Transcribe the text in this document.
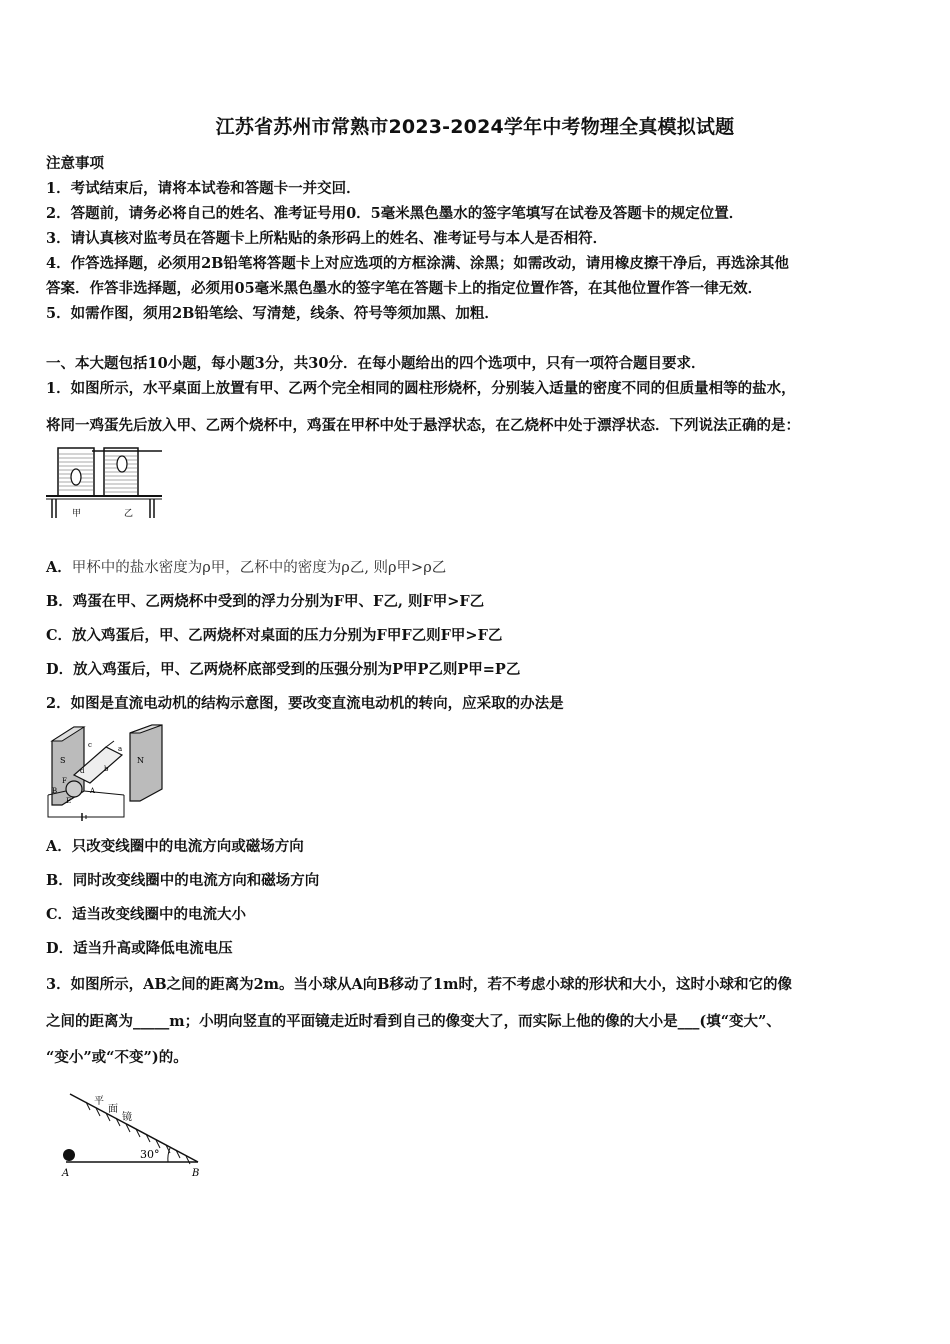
江苏省苏州市常熟市2023-2024学年中考物理全真模拟试题
注意事项
1．考试结束后，请将本试卷和答题卡一并交回．
2．答题前，请务必将自己的姓名、准考证号用0．5毫米黑色墨水的签字笔填写在试卷及答题卡的规定位置．
3．请认真核对监考员在答题卡上所粘贴的条形码上的姓名、准考证号与本人是否相符．
4．作答选择题，必须用2B铅笔将答题卡上对应选项的方框涂满、涂黑；如需改动，请用橡皮擦干净后，再选涂其他
答案．作答非选择题，必须用05毫米黑色墨水的签字笔在答题卡上的指定位置作答，在其他位置作答一律无效．
5．如需作图，须用2B铅笔绘、写清楚，线条、符号等须加黑、加粗．
一、本大题包括10小题，每小题3分，共30分．在每小题给出的四个选项中，只有一项符合题目要求．
1．如图所示，水平桌面上放置有甲、乙两个完全相同的圆柱形烧杯，分别装入适量的密度不同的但质量相等的盐水，
将同一鸡蛋先后放入甲、乙两个烧杯中，鸡蛋在甲杯中处于悬浮状态，在乙烧杯中处于漂浮状态．下列说法正确的是：
甲	乙
A．甲杯中的盐水密度为ρ甲，乙杯中的密度为ρ乙, 则ρ甲>ρ乙
B．鸡蛋在甲、乙两烧杯中受到的浮力分别为F甲、F乙, 则F甲>F乙
C．放入鸡蛋后，甲、乙两烧杯对桌面的压力分别为F甲F乙则F甲>F乙
D．放入鸡蛋后，甲、乙两烧杯底部受到的压强分别为P甲P乙则P甲=P乙
2．如图是直流电动机的结构示意图，要改变直流电动机的转向，应采取的办法是
S	N
F
E
B	A
a
b
c
d
A．只改变线圈中的电流方向或磁场方向
B．同时改变线圈中的电流方向和磁场方向
C．适当改变线圈中的电流大小
D．适当升高或降低电流电压
3．如图所示，AB之间的距离为2m。当小球从A向B移动了1m时，若不考虑小球的形状和大小，这时小球和它的像
之间的距离为_____m；小明向竖直的平面镜走近时看到自己的像变大了，而实际上他的像的大小是___(填“变大”、
“变小”或“不变”)的。
平
面
镜
30°
A	B
